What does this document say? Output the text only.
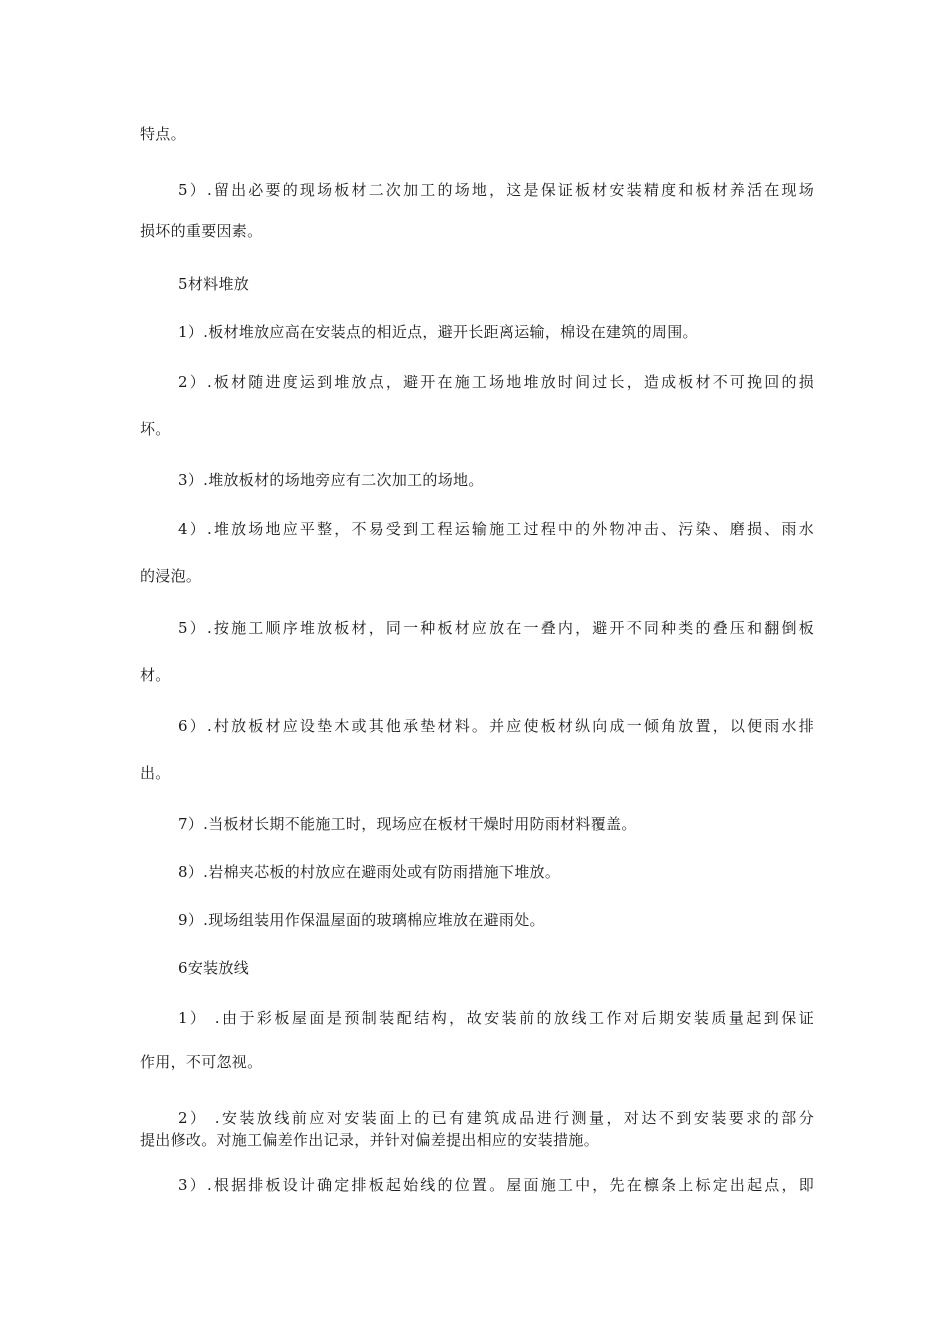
特点。
5）.留出必要的现场板材二次加工的场地，这是保证板材安装精度和板材养活在现场
损坏的重要因素。
5材料堆放
1）.板材堆放应高在安装点的相近点，避开长距离运输，棉设在建筑的周围。
2）.板材随进度运到堆放点，避开在施工场地堆放时间过长，造成板材不可挽回的损
坏。
3）.堆放板材的场地旁应有二次加工的场地。
4）.堆放场地应平整，不易受到工程运输施工过程中的外物冲击、污染、磨损、雨水
的浸泡。
5）.按施工顺序堆放板材，同一种板材应放在一叠内，避开不同种类的叠压和翻倒板
材。
6）.村放板材应设垫木或其他承垫材料。并应使板材纵向成一倾角放置，以便雨水排
出。
7）.当板材长期不能施工时，现场应在板材干燥时用防雨材料覆盖。
8）.岩棉夹芯板的村放应在避雨处或有防雨措施下堆放。
9）.现场组装用作保温屋面的玻璃棉应堆放在避雨处。
6安装放线
1） .由于彩板屋面是预制装配结构，故安装前的放线工作对后期安装质量起到保证
作用，不可忽视。
2） .安装放线前应对安装面上的已有建筑成品进行测量，对达不到安装要求的部分
提出修改。对施工偏差作出记录，并针对偏差提出相应的安装措施。
3）.根据排板设计确定排板起始线的位置。屋面施工中，先在檩条上标定出起点，即
